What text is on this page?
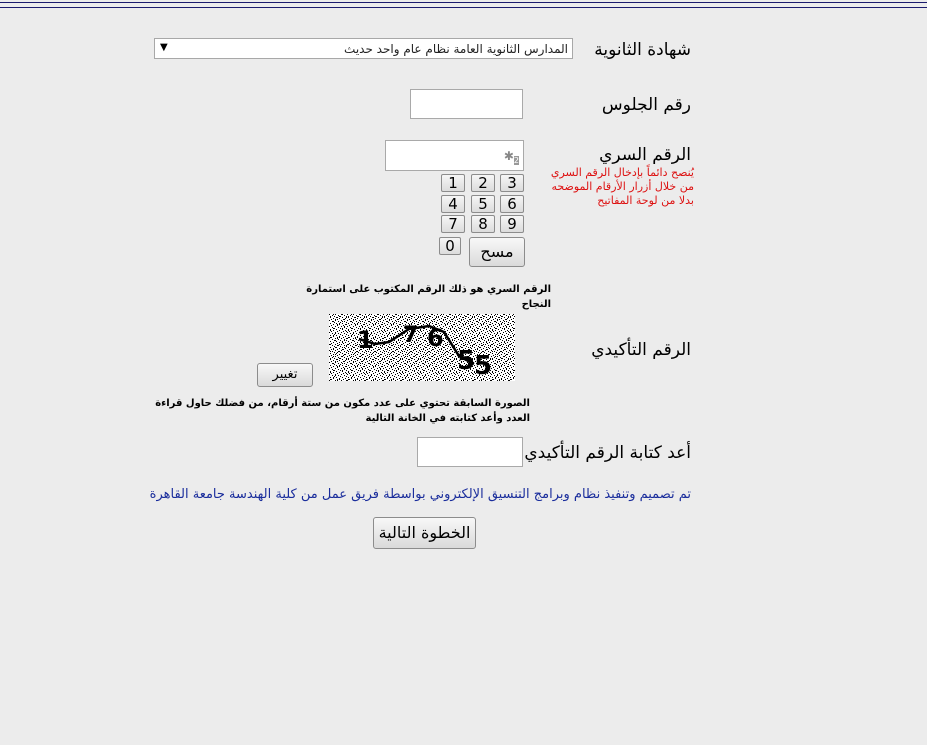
شهادة الثانوية
المدارس الثانوية العامة نظام عام واحد حديث
▼
رقم الجلوس
الرقم السري
$✱_2$
يُنصح دائماً بإدخال الرقم السري من خلال أزرار الأرقام الموضحه بدلا من لوحة المفاتيح
1	2	3
4	5	6
7	8	9
0	مسح
الرقم السري هو ذلك الرقم المكتوب على استمارة النجاح
الرقم التأكيدي
1 7 6
5
5
تغيير
الصورة السابقة تحتوي على عدد مكون من ستة أرقام، من فضلك حاول قراءة العدد وأعد كتابته في الخانة التالية
أعد كتابة الرقم التأكيدي
تم تصميم وتنفيذ نظام وبرامج التنسيق الإلكتروني بواسطة فريق عمل من كلية الهندسة جامعة القاهرة
الخطوة التالية
